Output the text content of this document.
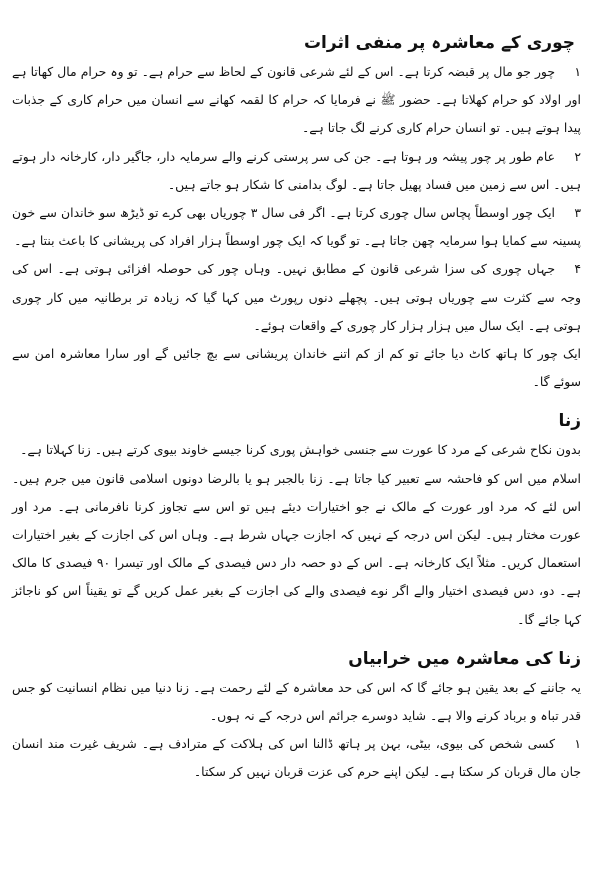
چوری کے معاشرہ پر منفی اثرات

۱چور جو مال پر قبضہ کرتا ہے۔ اس کے لئے شرعی قانون کے لحاظ سے حرام ہے۔ تو وہ حرام مال کھاتا ہے اور اولاد کو حرام کھلاتا ہے۔ حضور ﷺ نے فرمایا کہ حرام کا لقمہ کھانے سے انسان میں حرام کاری کے جذبات پیدا ہوتے ہیں۔ تو انسان حرام کاری کرنے لگ جاتا ہے۔

۲عام طور پر چور پیشہ ور ہوتا ہے۔ جن کی سر پرستی کرنے والے سرمایہ دار، جاگیر دار، کارخانہ دار ہوتے ہیں۔ اس سے زمین میں فساد پھیل جاتا ہے۔ لوگ بدامنی کا شکار ہو جاتے ہیں۔

۳ایک چور اوسطاً پچاس سال چوری کرتا ہے۔ اگر فی سال ۳ چوریاں بھی کرے تو ڈیڑھ سو خاندان سے خون پسینہ سے کمایا ہوا سرمایہ چھن جاتا ہے۔ تو گویا کہ ایک چور اوسطاً ہزار افراد کی پریشانی کا باعث بنتا ہے۔

۴جہاں چوری کی سزا شرعی قانون کے مطابق نہیں۔ وہاں چور کی حوصلہ افزائی ہوتی ہے۔ اس کی وجہ سے کثرت سے چوریاں ہوتی ہیں۔ پچھلے دنوں رپورٹ میں کہا گیا کہ زیادہ تر برطانیہ میں کار چوری ہوتی ہے۔ ایک سال میں ہزار ہزار کار چوری کے واقعات ہوئے۔

ایک چور کا ہاتھ کاٹ دیا جائے تو کم از کم اتنے خاندان پریشانی سے بچ جائیں گے اور سارا معاشرہ امن سے سوئے گا۔

زنا

بدون نکاح شرعی کے مرد کا عورت سے جنسی خواہش پوری کرنا جیسے خاوند بیوی کرتے ہیں۔ زنا کہلاتا ہے۔

اسلام میں اس کو فاحشہ سے تعبیر کیا جاتا ہے۔ زنا بالجبر ہو یا بالرضا دونوں اسلامی قانون میں جرم ہیں۔ اس لئے کہ مرد اور عورت کے مالک نے جو اختیارات دیئے ہیں تو اس سے تجاوز کرنا نافرمانی ہے۔ مرد اور عورت مختار ہیں۔ لیکن اس درجہ کے نہیں کہ اجازت جہاں شرط ہے۔ وہاں اس کی اجازت کے بغیر اختیارات استعمال کریں۔ مثلاً ایک کارخانہ ہے۔ اس کے دو حصہ دار دس فیصدی کے مالک اور تیسرا ۹۰ فیصدی کا مالک ہے۔ دو، دس فیصدی اختیار والے اگر نوے فیصدی والے کی اجازت کے بغیر عمل کریں گے تو یقیناً اس کو ناجائز کہا جائے گا۔

زنا کی معاشرہ میں خرابیاں

یہ جاننے کے بعد یقین ہو جائے گا کہ اس کی حد معاشرہ کے لئے رحمت ہے۔ زنا دنیا میں نظام انسانیت کو جس قدر تباہ و برباد کرنے والا ہے۔ شاید دوسرے جرائم اس درجہ کے نہ ہوں۔

۱کسی شخص کی بیوی، بیٹی، بہن پر ہاتھ ڈالنا اس کی ہلاکت کے مترادف ہے۔ شریف غیرت مند انسان جان مال قربان کر سکتا ہے۔ لیکن اپنے حرم کی عزت قربان نہیں کر سکتا۔
